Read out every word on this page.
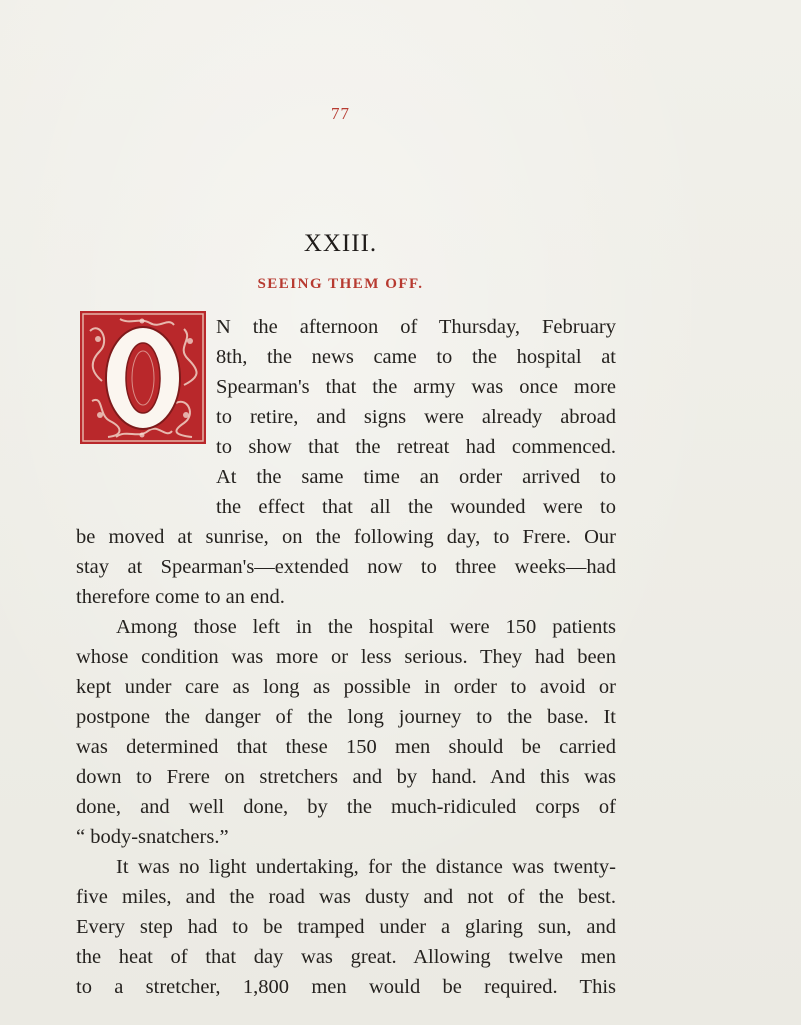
77
XXIII.
SEEING THEM OFF.
N the afternoon of Thursday, February
8th, the news came to the hospital at
Spearman's that the army was once more
to retire, and signs were already abroad
to show that the retreat had commenced.
At the same time an order arrived to
the effect that all the wounded were to
be moved at sunrise, on the following day, to Frere. Our
stay at Spearman's—extended now to three weeks—had
therefore come to an end.
Among those left in the hospital were 150 patients
whose condition was more or less serious. They had been
kept under care as long as possible in order to avoid or
postpone the danger of the long journey to the base. It
was determined that these 150 men should be carried
down to Frere on stretchers and by hand. And this was
done, and well done, by the much-ridiculed corps of
“ body-snatchers.”
It was no light undertaking, for the distance was twenty-
five miles, and the road was dusty and not of the best.
Every step had to be tramped under a glaring sun, and
the heat of that day was great. Allowing twelve men
to a stretcher, 1,800 men would be required. This
